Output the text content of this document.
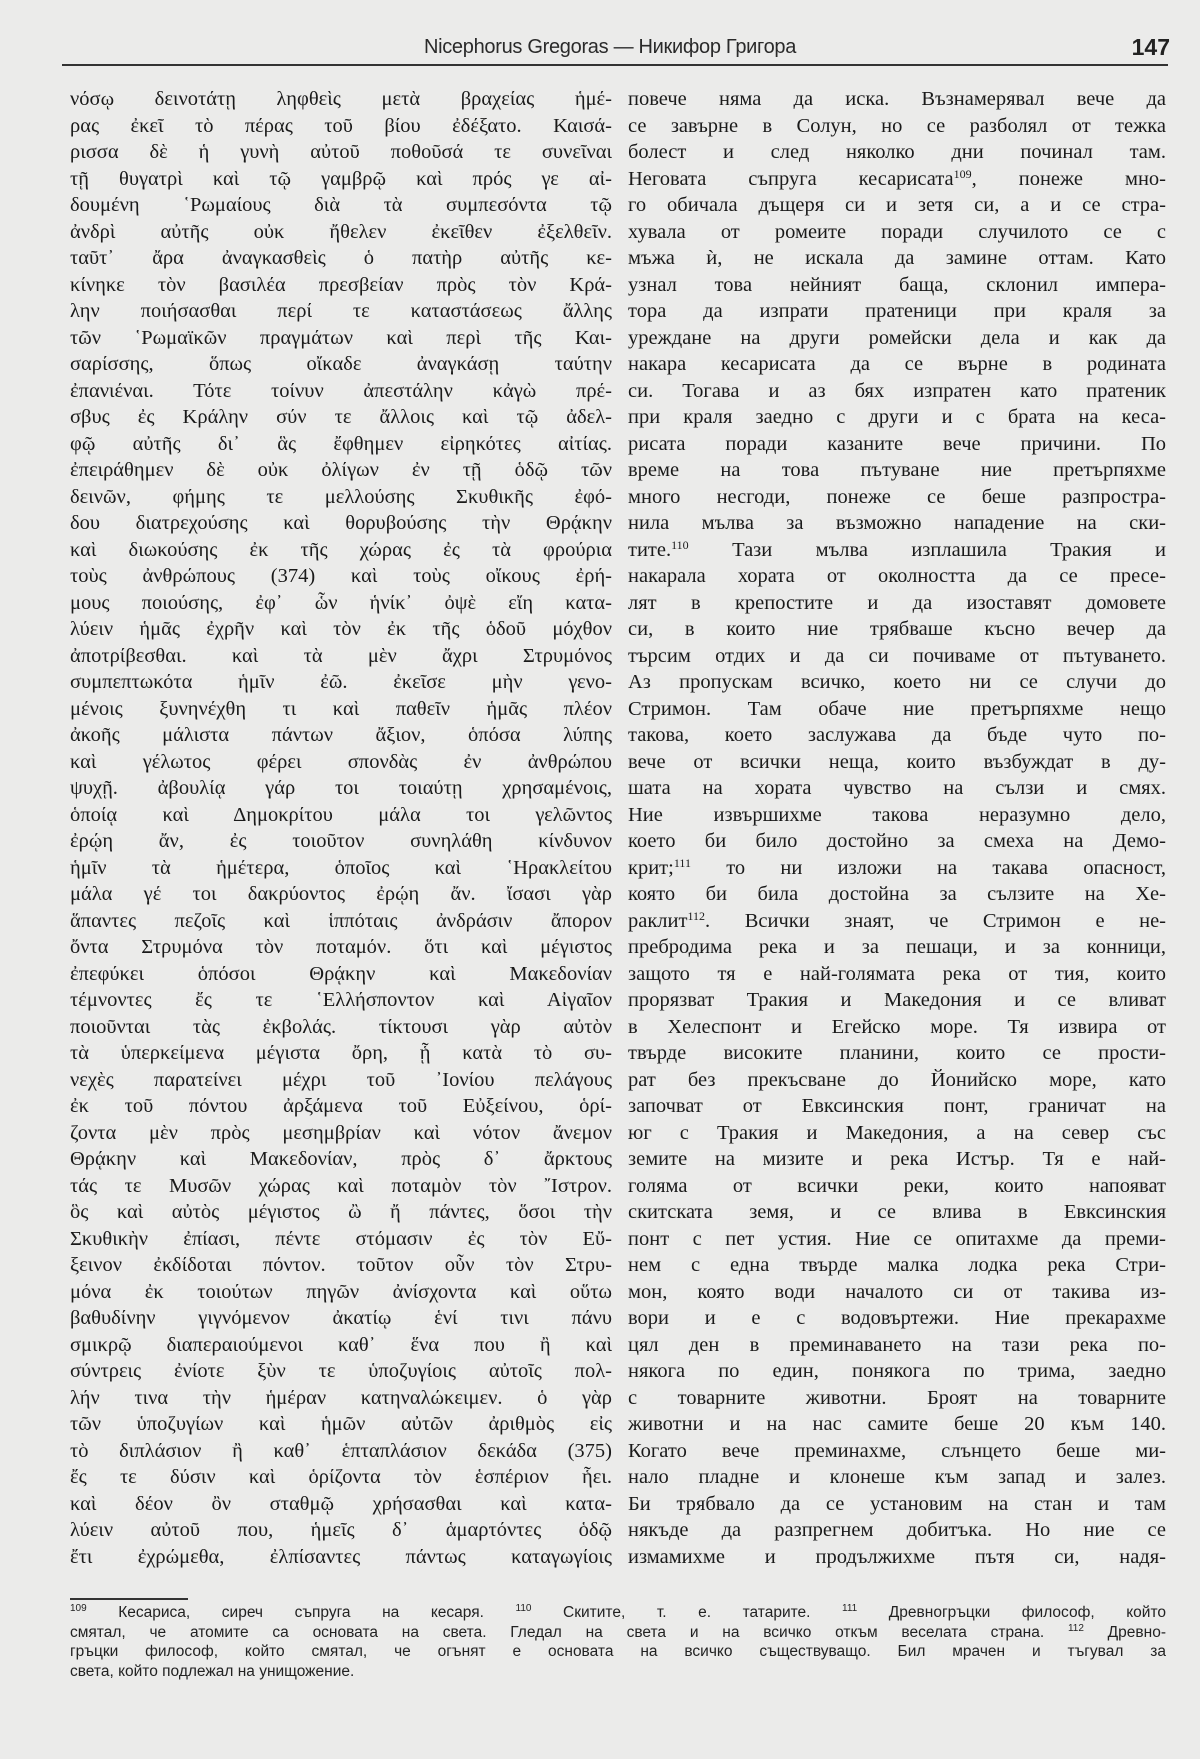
Nicephorus Gregoras — Никифор Григора	147
νόσῳ δεινοτάτῃ ληφθεὶς μετὰ βραχείας ἡμέ-
ρας ἐκεῖ τὸ πέρας τοῦ βίου ἐδέξατο. Καισά-
ρισσα δὲ ἡ γυνὴ αὐτοῦ ποθοῦσά τε συνεῖναι
τῇ θυγατρὶ καὶ τῷ γαμβρῷ καὶ πρός γε αἰ-
δουμένη ῾Ρωμαίους διὰ τὰ συμπεσόντα τῷ
ἀνδρὶ αὐτῆς οὐκ ἤθελεν ἐκεῖθεν ἐξελθεῖν.
ταῦτ᾽ ἄρα ἀναγκασθεὶς ὁ πατὴρ αὐτῆς κε-
κίνηκε τὸν βασιλέα πρεσβείαν πρὸς τὸν Κρά-
λην ποιήσασθαι περί τε καταστάσεως ἄλλης
τῶν ῾Ρωμαϊκῶν πραγμάτων καὶ περὶ τῆς Και-
σαρίσσης, ὅπως οἴκαδε ἀναγκάσῃ ταύτην
ἐπανιέναι. Τότε τοίνυν ἀπεστάλην κἀγὼ πρέ-
σβυς ἐς Κράλην σύν τε ἄλλοις καὶ τῷ ἀδελ-
φῷ αὐτῆς δι᾽ ἃς ἔφθημεν εἰρηκότες αἰτίας.
ἐπειράθημεν δὲ οὐκ ὀλίγων ἐν τῇ ὁδῷ τῶν
δεινῶν, φήμης τε μελλούσης Σκυθικῆς ἐφό-
δου διατρεχούσης καὶ θορυβούσης τὴν Θρᾴκην
καὶ διωκούσης ἐκ τῆς χώρας ἐς τὰ φρούρια
τοὺς ἀνθρώπους (374) καὶ τοὺς οἴκους ἐρή-
μους ποιούσης, ἐφ᾽ ὧν ἡνίκ᾽ ὀψὲ εἴη κατα-
λύειν ἡμᾶς ἐχρῆν καὶ τὸν ἐκ τῆς ὁδοῦ μόχθον
ἀποτρίβεσθαι. καὶ τὰ μὲν ἄχρι Στρυμόνος
συμπεπτωκότα ἡμῖν ἐῶ. ἐκεῖσε μὴν γενο-
μένοις ξυνηνέχθη τι καὶ παθεῖν ἡμᾶς πλέον
ἀκοῆς μάλιστα πάντων ἄξιον, ὁπόσα λύπης
καὶ γέλωτος φέρει σπονδὰς ἐν ἀνθρώπου
ψυχῇ. ἀβουλίᾳ γάρ τοι τοιαύτῃ χρησαμένοις,
ὁποίᾳ καὶ Δημοκρίτου μάλα τοι γελῶντος
ἐρῴη ἄν, ἐς τοιοῦτον συνηλάθη κίνδυνον
ἡμῖν τὰ ἡμέτερα, ὁποῖος καὶ ῾Ηρακλείτου
μάλα γέ τοι δακρύοντος ἐρῴη ἄν. ἴσασι γὰρ
ἅπαντες πεζοῖς καὶ ἱππόταις ἀνδράσιν ἄπορον
ὄντα Στρυμόνα τὸν ποταμόν. ὅτι καὶ μέγιστος
ἐπεφύκει ὁπόσοι Θρᾴκην καὶ Μακεδονίαν
τέμνοντες ἔς τε ῾Ελλήσποντον καὶ Αἰγαῖον
ποιοῦνται τὰς ἐκβολάς. τίκτουσι γὰρ αὐτὸν
τὰ ὑπερκείμενα μέγιστα ὄρη, ᾗ κατὰ τὸ συ-
νεχὲς παρατείνει μέχρι τοῦ ᾽Ιονίου πελάγους
ἐκ τοῦ πόντου ἀρξάμενα τοῦ Εὐξείνου, ὁρί-
ζοντα μὲν πρὸς μεσημβρίαν καὶ νότον ἄνεμον
Θρᾴκην καὶ Μακεδονίαν, πρὸς δ᾽ ἄρκτους
τάς τε Μυσῶν χώρας καὶ ποταμὸν τὸν ῎Ιστρον.
ὃς καὶ αὐτὸς μέγιστος ὢ ἤ πάντες, ὅσοι τὴν
Σκυθικὴν ἐπίασι, πέντε στόμασιν ἐς τὸν Εὔ-
ξεινον ἐκδίδοται πόντον. τοῦτον οὖν τὸν Στρυ-
μόνα ἐκ τοιούτων πηγῶν ἀνίσχοντα καὶ οὕτω
βαθυδίνην γιγνόμενον ἀκατίῳ ἑνί τινι πάνυ
σμικρῷ διαπεραιούμενοι καθ᾽ ἕνα που ἢ καὶ
σύντρεις ἐνίοτε ξὺν τε ὑποζυγίοις αὐτοῖς πολ-
λήν τινα τὴν ἡμέραν κατηναλώκειμεν. ὁ γὰρ
τῶν ὑποζυγίων καὶ ἡμῶν αὐτῶν ἀριθμὸς εἰς
τὸ διπλάσιον ἢ καθ᾽ ἑπταπλάσιον δεκάδα (375)
ἔς τε δύσιν καὶ ὁρίζοντα τὸν ἑσπέριον ἧει.
καὶ δέον ὂν σταθμῷ χρήσασθαι καὶ κατα-
λύειν αὐτοῦ που, ἡμεῖς δ᾽ ἁμαρτόντες ὁδῷ
ἔτι ἐχρώμεθα, ἐλπίσαντες πάντως καταγωγίοις
повече няма да иска. Възнамерявал вече да
се завърне в Солун, но се разболял от тежка
болест и след няколко дни починал там.
Неговата съпруга кесарисата$^{109}$, понеже мно-
го обичала дъщеря си и зетя си, а и се стра-
хувала от ромеите поради случилото се с
мъжа ѝ, не искала да замине оттам. Като
узнал това нейният баща, склонил импера-
тора да изпрати пратеници при краля за
уреждане на други ромейски дела и как да
накара кесарисата да се върне в родината
си. Тогава и аз бях изпратен като пратеник
при краля заедно с други и с брата на кеса-
рисата поради казаните вече причини. По
време на това пътуване ние претърпяхме
много несгоди, понеже се беше разпростра-
нила мълва за възможно нападение на ски-
тите.$^{110}$ Тази мълва изплашила Тракия и
накарала хората от околността да се пресе-
лят в крепостите и да изоставят домовете
си, в които ние трябваше късно вечер да
търсим отдих и да си почиваме от пътуването.
Аз пропускам всичко, което ни се случи до
Стримон. Там обаче ние претърпяхме нещо
такова, което заслужава да бъде чуто по-
вече от всички неща, които възбуждат в ду-
шата на хората чувство на сълзи и смях.
Ние извършихме такова неразумно дело,
което би било достойно за смеха на Демо-
крит;$^{111}$ то ни изложи на такава опасност,
която би била достойна за сълзите на Хе-
раклит$^{112}$. Всички знаят, че Стримон е не-
пребродима река и за пешаци, и за конници,
защото тя е най-голямата река от тия, които
прорязват Тракия и Македония и се вливат
в Хелеспонт и Егейско море. Тя извира от
твърде високите планини, които се прости-
рат без прекъсване до Йонийско море, като
започват от Евксинския понт, граничат на
юг с Тракия и Македония, а на север със
земите на мизите и река Истър. Тя е най-
голяма от всички реки, които напояват
скитската земя, и се влива в Евксинския
понт с пет устия. Ние се опитахме да преми-
нем с една твърде малка лодка река Стри-
мон, която води началото си от такива из-
вори и е с водовъртежи. Ние прекарахме
цял ден в преминаването на тази река по-
някога по един, понякога по трима, заедно
с товарните животни. Броят на товарните
животни и на нас самите беше 20 към 140.
Когато вече преминахме, слънцето беше ми-
нало пладне и клонеше към запад и залез.
Би трябвало да се установим на стан и там
някъде да разпрегнем добитъка. Но ние се
измамихме и продължихме пътя си, надя-
$^{109}$ Кесариса, сиреч съпруга на кесаря. $^{110}$ Скитите, т. е. татарите. $^{111}$ Древногръцки философ, който
смятал, че атомите са основата на света. Гледал на света и на всичко откъм веселата страна. $^{112}$ Древно-
гръцки философ, който смятал, че огънят е основата на всичко съществуващо. Бил мрачен и тъгувал за
света, който подлежал на унищожение.
